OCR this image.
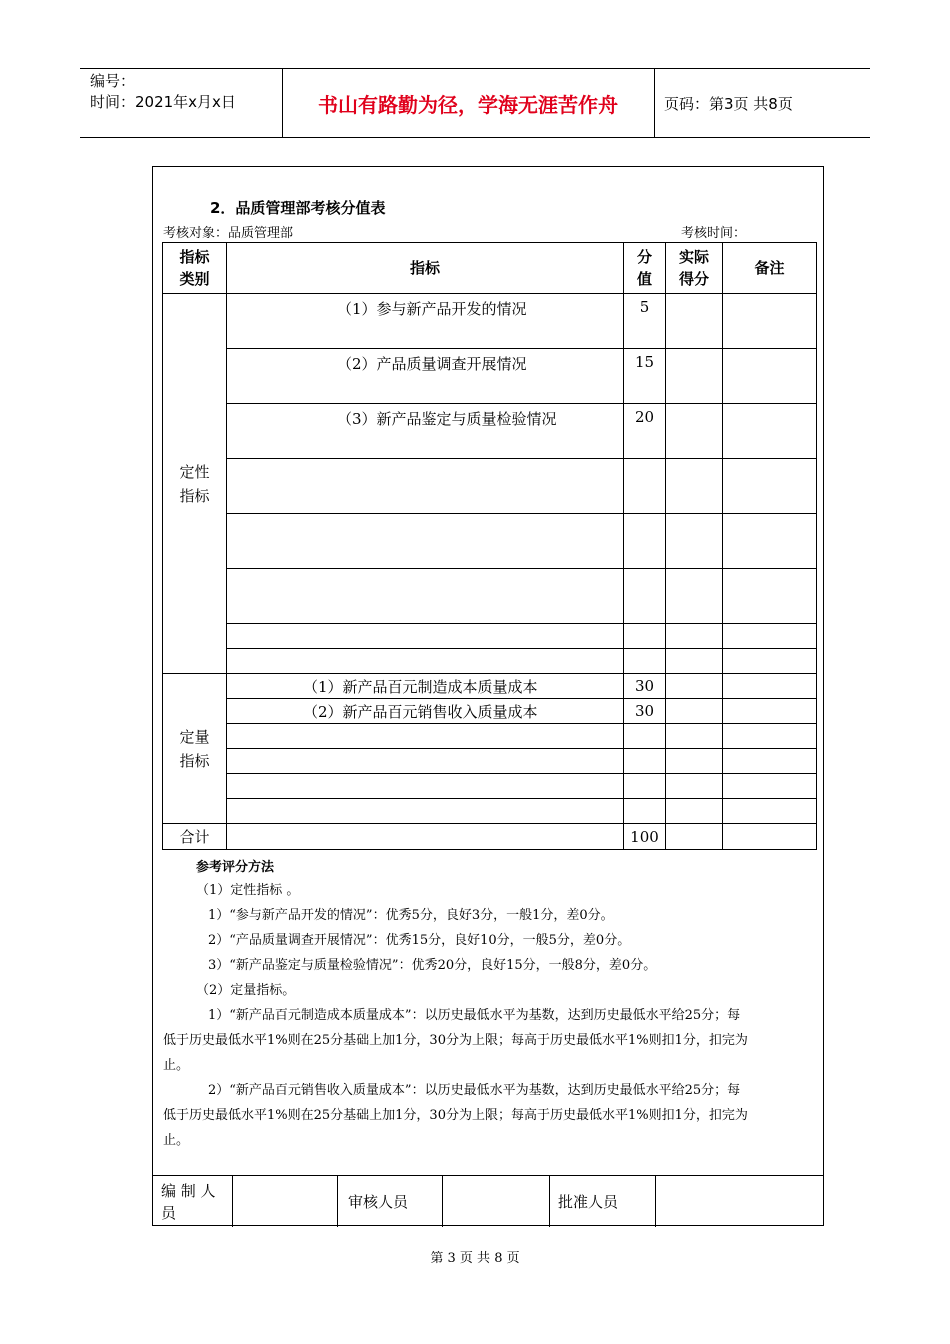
编号：
时间：2021年x月x日	书山有路勤为径，学海无涯苦作舟	页码：第3页 共8页
2．品质管理部考核分值表
考核对象：品质管理部	考核时间：
指标类别	指标	分值	实际得分	备注

定性指标	（1）参与新产品开发的情况	5		
	（2）产品质量调查开展情况	15		
	（3）新产品鉴定与质量检验情况	20		

定量指标	（1）新产品百元制造成本质量成本	30		
	（2）新产品百元销售收入质量成本	30		

合计		100		
参考评分方法
（1）定性指标 。
1）“参与新产品开发的情况”：优秀5分，良好3分，一般1分，差0分。
2）“产品质量调查开展情况”：优秀15分，良好10分，一般5分，差0分。
3）“新产品鉴定与质量检验情况”：优秀20分，良好15分，一般8分，差0分。
（2）定量指标。
1）“新产品百元制造成本质量成本”：以历史最低水平为基数，达到历史最低水平给25分；每
低于历史最低水平1%则在25分基础上加1分，30分为上限；每高于历史最低水平1%则扣1分，扣完为
止。
2）“新产品百元销售收入质量成本”：以历史最低水平为基数，达到历史最低水平给25分；每
低于历史最低水平1%则在25分基础上加1分，30分为上限；每高于历史最低水平1%则扣1分，扣完为
止。
编 制 人员
审核人员	批准人员
第 3 页 共 8 页
